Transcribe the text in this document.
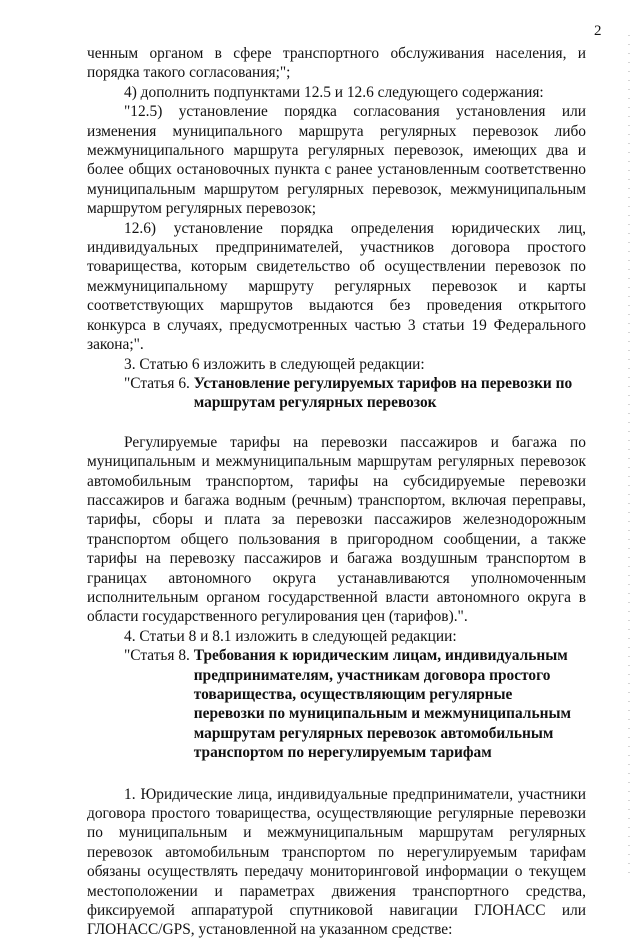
2

ченным органом в сфере транспортного обслуживания населения, и порядка такого согласования;";

4) дополнить подпунктами 12.5 и 12.6 следующего содержания:

"12.5) установление порядка согласования установления или изменения муниципального маршрута регулярных перевозок либо межмуниципального маршрута регулярных перевозок, имеющих два и более общих остановочных пункта с ранее установленным соответственно муниципальным маршрутом регулярных перевозок, межмуниципальным маршрутом регулярных перевозок;

12.6) установление порядка определения юридических лиц, индивидуальных предпринимателей, участников договора простого товарищества, которым свидетельство об осуществлении перевозок по межмуниципальному маршруту регулярных перевозок и карты соответствующих маршрутов выдаются без проведения открытого конкурса в случаях, предусмотренных частью 3 статьи 19 Федерального закона;".

3. Статью 6 изложить в следующей редакции:

"Статья 6. Установление регулируемых тарифов на перевозки по маршрутам регулярных перевозок

Регулируемые тарифы на перевозки пассажиров и багажа по муниципальным и межмуниципальным маршрутам регулярных перевозок автомобильным транспортом, тарифы на субсидируемые перевозки пассажиров и багажа водным (речным) транспортом, включая переправы, тарифы, сборы и плата за перевозки пассажиров железнодорожным транспортом общего пользования в пригородном сообщении, а также тарифы на перевозку пассажиров и багажа воздушным транспортом в границах автономного округа устанавливаются уполномоченным исполнительным органом государственной власти автономного округа в области государственного регулирования цен (тарифов).".

4. Статьи 8 и 8.1 изложить в следующей редакции:

"Статья 8. Требования к юридическим лицам, индивидуальным предпринимателям, участникам договора простого товарищества, осуществляющим регулярные перевозки по муниципальным и межмуниципальным маршрутам регулярных перевозок автомобильным транспортом по нерегулируемым тарифам

1. Юридические лица, индивидуальные предприниматели, участники договора простого товарищества, осуществляющие регулярные перевозки по муниципальным и межмуниципальным маршрутам регулярных перевозок автомобильным транспортом по нерегулируемым тарифам обязаны осуществлять передачу мониторинговой информации о текущем местоположении и параметрах движения транспортного средства, фиксируемой аппаратурой спутниковой навигации ГЛОНАСС или ГЛОНАСС/GPS, установленной на указанном средстве:
